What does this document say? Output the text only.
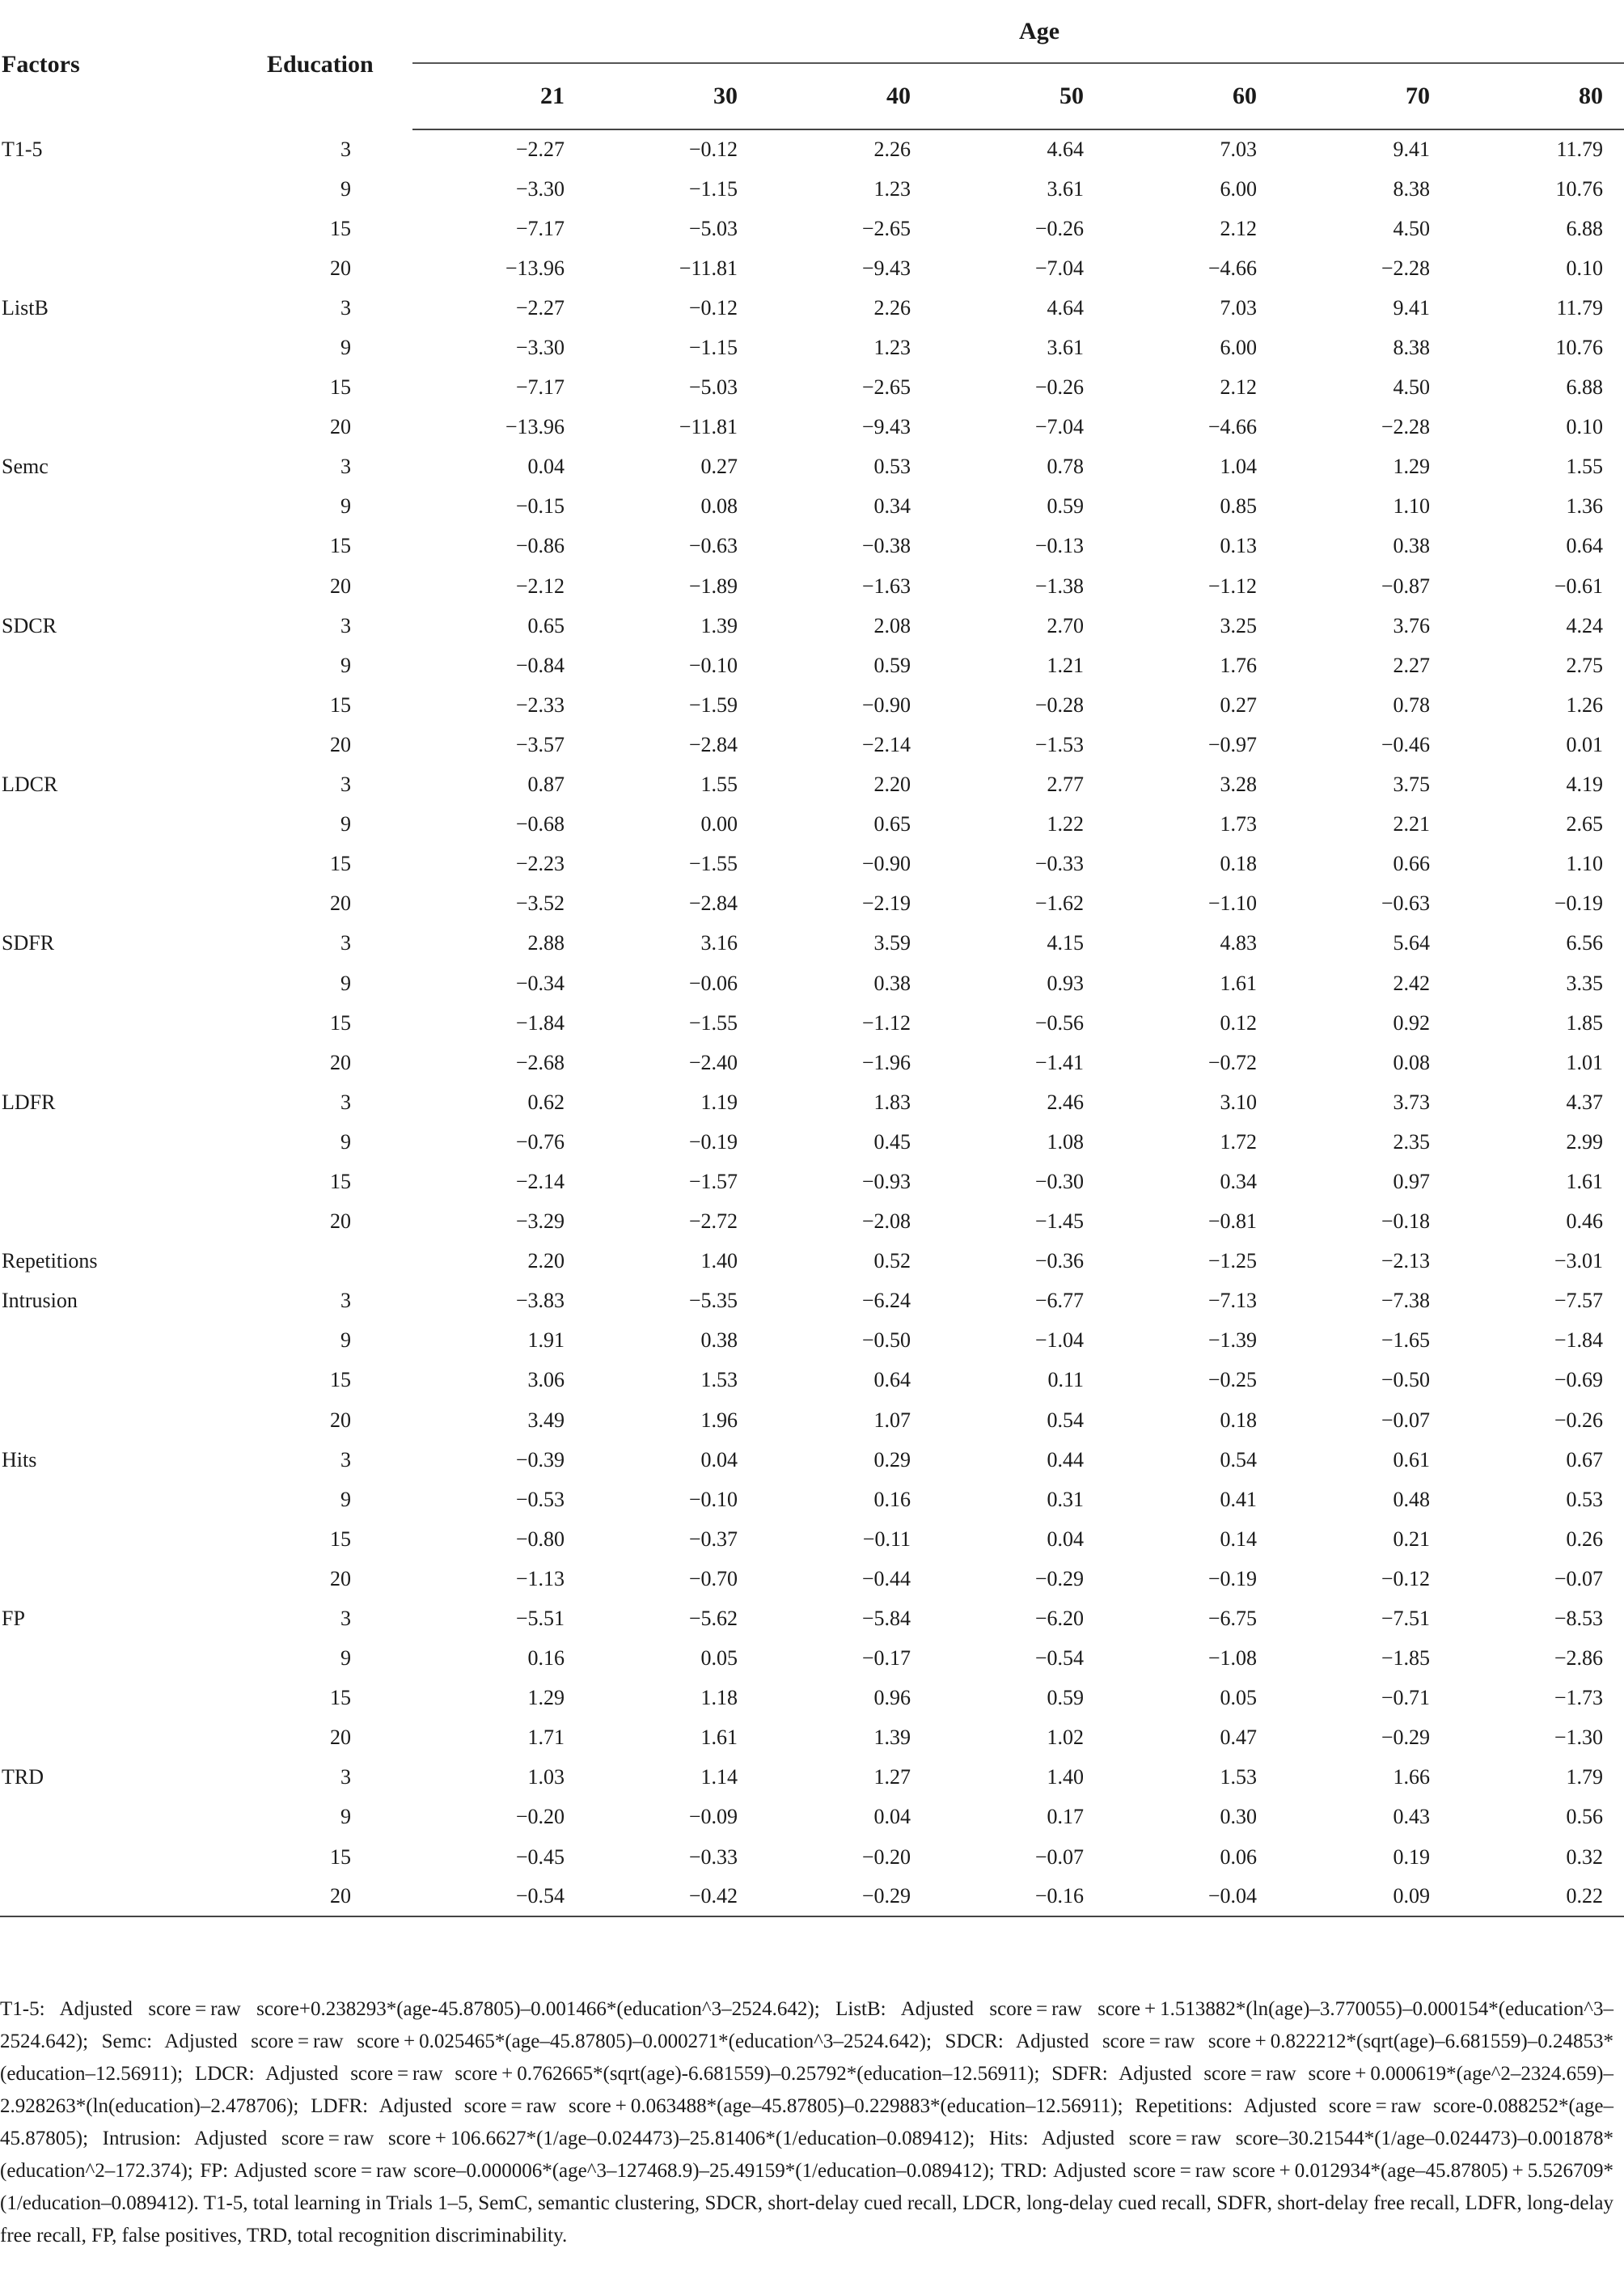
Factors	Education	Age						
		21	30	40	50	60	70	80
T1-5	3	−2.27	−0.12	2.26	4.64	7.03	9.41	11.79
	9	−3.30	−1.15	1.23	3.61	6.00	8.38	10.76
	15	−7.17	−5.03	−2.65	−0.26	2.12	4.50	6.88
	20	−13.96	−11.81	−9.43	−7.04	−4.66	−2.28	0.10
ListB	3	−2.27	−0.12	2.26	4.64	7.03	9.41	11.79
	9	−3.30	−1.15	1.23	3.61	6.00	8.38	10.76
	15	−7.17	−5.03	−2.65	−0.26	2.12	4.50	6.88
	20	−13.96	−11.81	−9.43	−7.04	−4.66	−2.28	0.10
Semc	3	0.04	0.27	0.53	0.78	1.04	1.29	1.55
	9	−0.15	0.08	0.34	0.59	0.85	1.10	1.36
	15	−0.86	−0.63	−0.38	−0.13	0.13	0.38	0.64
	20	−2.12	−1.89	−1.63	−1.38	−1.12	−0.87	−0.61
SDCR	3	0.65	1.39	2.08	2.70	3.25	3.76	4.24
	9	−0.84	−0.10	0.59	1.21	1.76	2.27	2.75
	15	−2.33	−1.59	−0.90	−0.28	0.27	0.78	1.26
	20	−3.57	−2.84	−2.14	−1.53	−0.97	−0.46	0.01
LDCR	3	0.87	1.55	2.20	2.77	3.28	3.75	4.19
	9	−0.68	0.00	0.65	1.22	1.73	2.21	2.65
	15	−2.23	−1.55	−0.90	−0.33	0.18	0.66	1.10
	20	−3.52	−2.84	−2.19	−1.62	−1.10	−0.63	−0.19
SDFR	3	2.88	3.16	3.59	4.15	4.83	5.64	6.56
	9	−0.34	−0.06	0.38	0.93	1.61	2.42	3.35
	15	−1.84	−1.55	−1.12	−0.56	0.12	0.92	1.85
	20	−2.68	−2.40	−1.96	−1.41	−0.72	0.08	1.01
LDFR	3	0.62	1.19	1.83	2.46	3.10	3.73	4.37
	9	−0.76	−0.19	0.45	1.08	1.72	2.35	2.99
	15	−2.14	−1.57	−0.93	−0.30	0.34	0.97	1.61
	20	−3.29	−2.72	−2.08	−1.45	−0.81	−0.18	0.46
Repetitions		2.20	1.40	0.52	−0.36	−1.25	−2.13	−3.01
Intrusion	3	−3.83	−5.35	−6.24	−6.77	−7.13	−7.38	−7.57
	9	1.91	0.38	−0.50	−1.04	−1.39	−1.65	−1.84
	15	3.06	1.53	0.64	0.11	−0.25	−0.50	−0.69
	20	3.49	1.96	1.07	0.54	0.18	−0.07	−0.26
Hits	3	−0.39	0.04	0.29	0.44	0.54	0.61	0.67
	9	−0.53	−0.10	0.16	0.31	0.41	0.48	0.53
	15	−0.80	−0.37	−0.11	0.04	0.14	0.21	0.26
	20	−1.13	−0.70	−0.44	−0.29	−0.19	−0.12	−0.07
FP	3	−5.51	−5.62	−5.84	−6.20	−6.75	−7.51	−8.53
	9	0.16	0.05	−0.17	−0.54	−1.08	−1.85	−2.86
	15	1.29	1.18	0.96	0.59	0.05	−0.71	−1.73
	20	1.71	1.61	1.39	1.02	0.47	−0.29	−1.30
TRD	3	1.03	1.14	1.27	1.40	1.53	1.66	1.79
	9	−0.20	−0.09	0.04	0.17	0.30	0.43	0.56
	15	−0.45	−0.33	−0.20	−0.07	0.06	0.19	0.32
	20	−0.54	−0.42	−0.29	−0.16	−0.04	0.09	0.22
T1-5: Adjusted score = raw score+0.238293*(age-45.87805)–0.001466*(education^3–2524.642); ListB: Adjusted score = raw score + 1.513882*(ln(age)–3.770055)–0.000154*(education^3–2524.642); Semc: Adjusted score = raw score + 0.025465*(age–45.87805)–0.000271*(education^3–2524.642); SDCR: Adjusted score = raw score + 0.822212*(sqrt(age)–6.681559)–0.24853*(education–12.56911); LDCR: Adjusted score = raw score + 0.762665*(sqrt(age)-6.681559)–0.25792*(education–12.56911); SDFR: Adjusted score = raw score + 0.000619*(age^2–2324.659)–2.928263*(ln(education)–2.478706); LDFR: Adjusted score = raw score + 0.063488*(age–45.87805)–0.229883*(education–12.56911); Repetitions: Adjusted score = raw score-0.088252*(age–45.87805); Intrusion: Adjusted score = raw score + 106.6627*(1/age–0.024473)–25.81406*(1/education–0.089412); Hits: Adjusted score = raw score–30.21544*(1/age–0.024473)–0.001878*(education^2–172.374); FP: Adjusted score = raw score–0.000006*(age^3–127468.9)–25.49159*(1/education–0.089412); TRD: Adjusted score = raw score + 0.012934*(age–45.87805) + 5.526709*(1/education–0.089412). T1-5, total learning in Trials 1–5, SemC, semantic clustering, SDCR, short-delay cued recall, LDCR, long-delay cued recall, SDFR, short-delay free recall, LDFR, long-delay free recall, FP, false positives, TRD, total recognition discriminability.
